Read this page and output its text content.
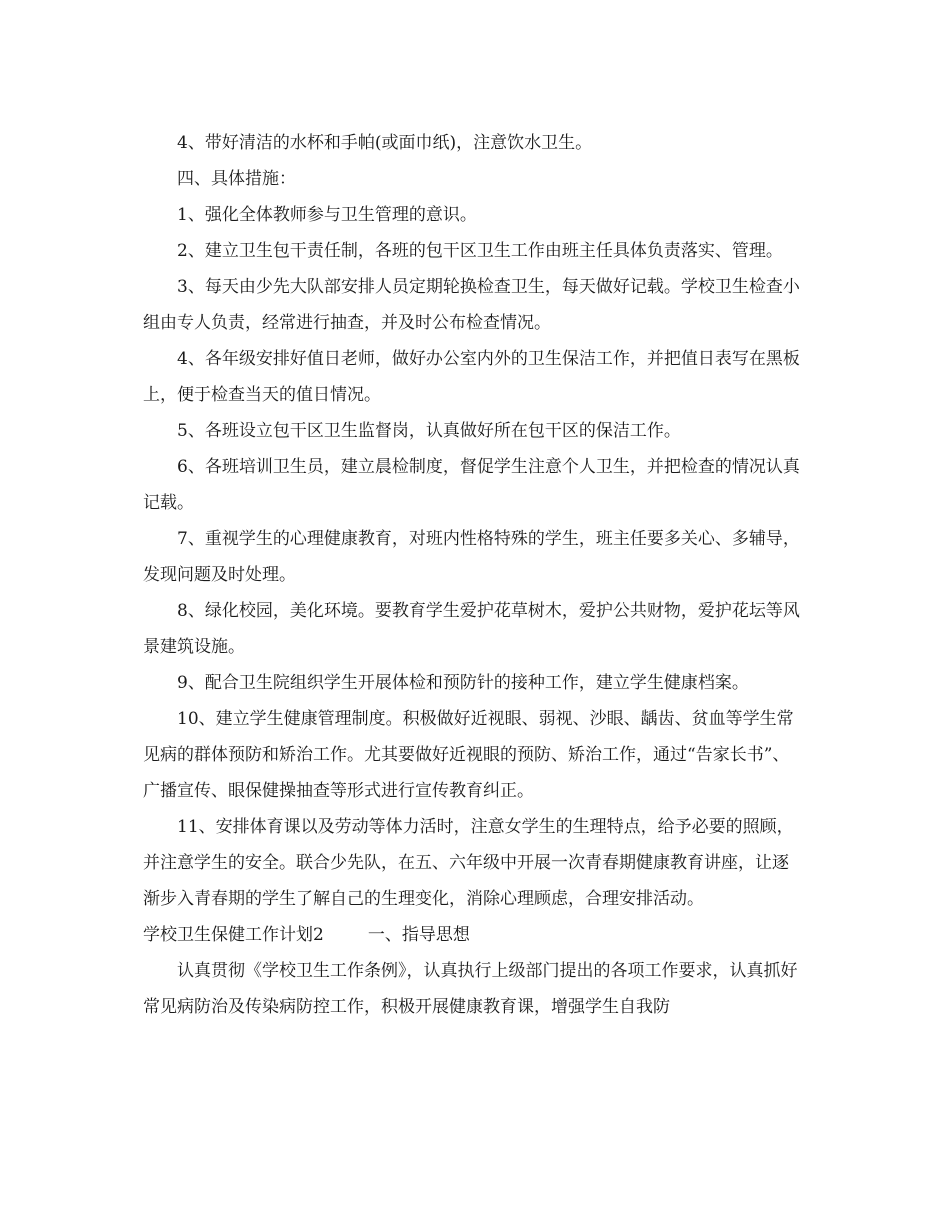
4、带好清洁的水杯和手帕(或面巾纸)，注意饮水卫生。

四、具体措施：

1、强化全体教师参与卫生管理的意识。

2、建立卫生包干责任制，各班的包干区卫生工作由班主任具体负责落实、管理。

3、每天由少先大队部安排人员定期轮换检查卫生，每天做好记载。学校卫生检查小组由专人负责，经常进行抽查，并及时公布检查情况。

4、各年级安排好值日老师，做好办公室内外的卫生保洁工作，并把值日表写在黑板上，便于检查当天的值日情况。

5、各班设立包干区卫生监督岗，认真做好所在包干区的保洁工作。

6、各班培训卫生员，建立晨检制度，督促学生注意个人卫生，并把检查的情况认真记载。

7、重视学生的心理健康教育，对班内性格特殊的学生，班主任要多关心、多辅导，发现问题及时处理。

8、绿化校园，美化环境。要教育学生爱护花草树木，爱护公共财物，爱护花坛等风景建筑设施。

9、配合卫生院组织学生开展体检和预防针的接种工作，建立学生健康档案。

10、建立学生健康管理制度。积极做好近视眼、弱视、沙眼、龋齿、贫血等学生常见病的群体预防和矫治工作。尤其要做好近视眼的预防、矫治工作，通过“告家长书”、广播宣传、眼保健操抽查等形式进行宣传教育纠正。

11、安排体育课以及劳动等体力活时，注意女学生的生理特点，给予必要的照顾，并注意学生的安全。联合少先队，在五、六年级中开展一次青春期健康教育讲座，让逐渐步入青春期的学生了解自己的生理变化，消除心理顾虑，合理安排活动。

学校卫生保健工作计划2	一、指导思想

认真贯彻《学校卫生工作条例》，认真执行上级部门提出的各项工作要求，认真抓好常见病防治及传染病防控工作，积极开展健康教育课，增强学生自我防
